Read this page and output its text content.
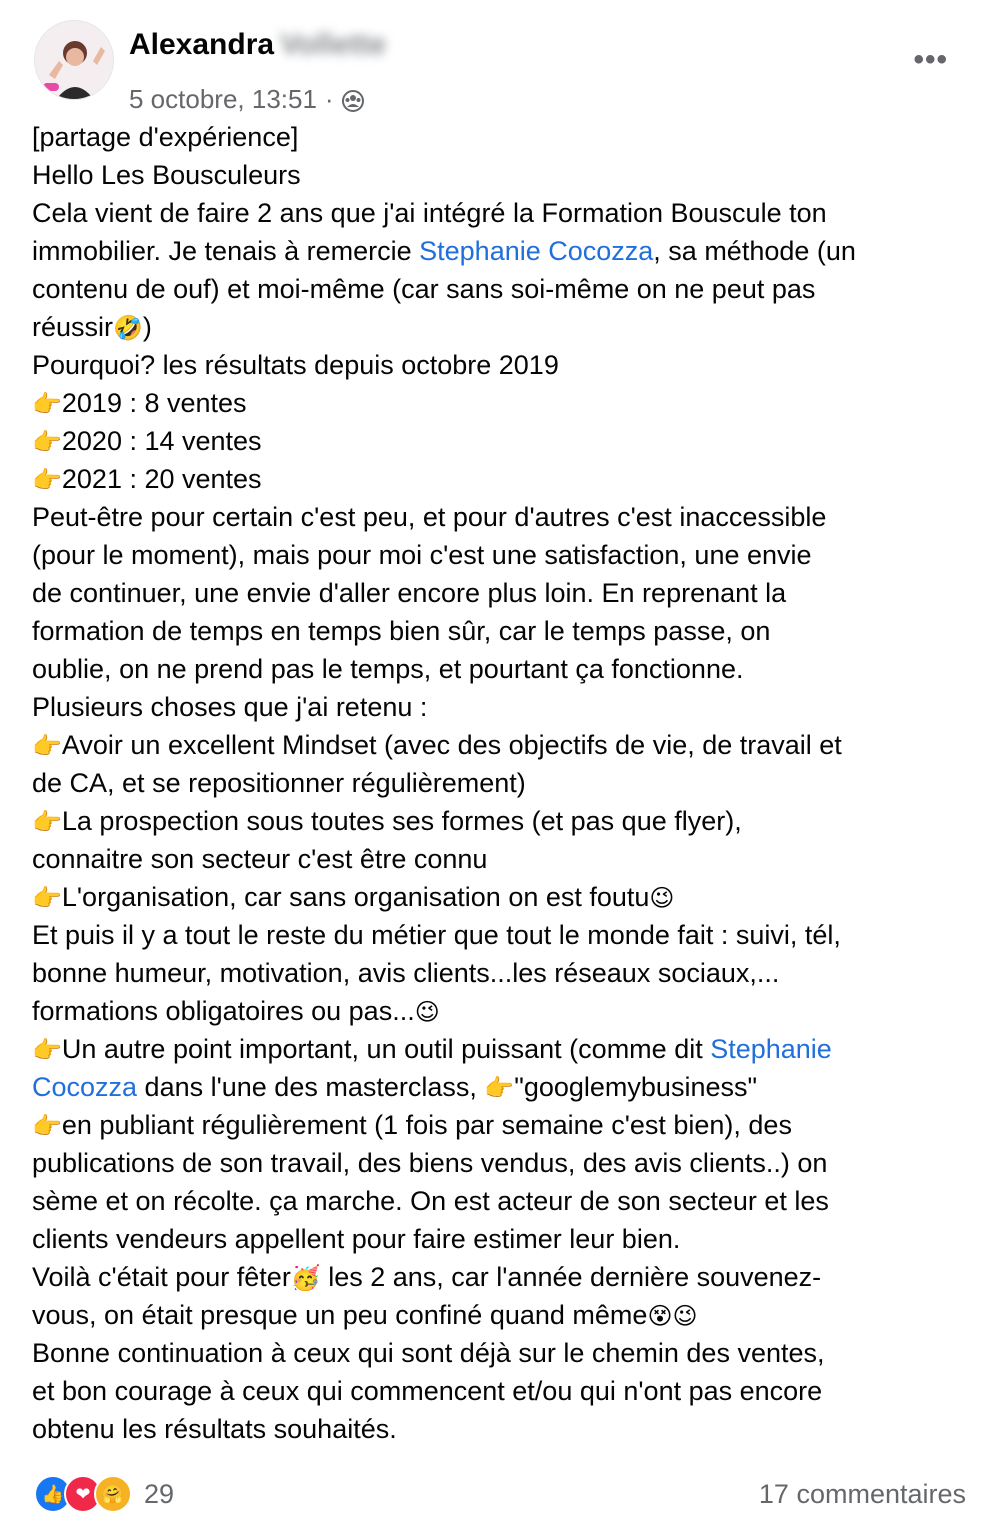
Alexandra Vollette
5 octobre, 13:51 ·
•••
[partage d'expérience]
Hello Les Bousculeurs
Cela vient de faire 2 ans que j'ai intégré la Formation Bouscule ton
immobilier. Je tenais à remercie Stephanie Cocozza, sa méthode (un
contenu de ouf) et moi-même (car sans soi-même on ne peut pas
réussir🤣)
Pourquoi? les résultats depuis octobre 2019
👉2019 : 8 ventes
👉2020 : 14 ventes
👉2021 : 20 ventes
Peut-être pour certain c'est peu, et pour d'autres c'est inaccessible
(pour le moment), mais pour moi c'est une satisfaction, une envie
de continuer, une envie d'aller encore plus loin. En reprenant la
formation de temps en temps bien sûr, car le temps passe, on
oublie, on ne prend pas le temps, et pourtant ça fonctionne.
Plusieurs choses que j'ai retenu :
👉Avoir un excellent Mindset (avec des objectifs de vie, de travail et
de CA, et se repositionner régulièrement)
👉La prospection sous toutes ses formes (et pas que flyer),
connaitre son secteur c'est être connu
👉L'organisation, car sans organisation on est foutu😉
Et puis il y a tout le reste du métier que tout le monde fait : suivi, tél,
bonne humeur, motivation, avis clients...les réseaux sociaux,...
formations obligatoires ou pas...😉
👉Un autre point important, un outil puissant (comme dit Stephanie
Cocozza dans l'une des masterclass, 👉"googlemybusiness"
👉en publiant régulièrement (1 fois par semaine c'est bien), des
publications de son travail, des biens vendus, des avis clients..) on
sème et on récolte. ça marche. On est acteur de son secteur et les
clients vendeurs appellent pour faire estimer leur bien.
Voilà c'était pour fêter🥳 les 2 ans, car l'année dernière souvenez-
vous, on était presque un peu confiné quand même😵😉
Bonne continuation à ceux qui sont déjà sur le chemin des ventes,
et bon courage à ceux qui commencent et/ou qui n'ont pas encore
obtenu les résultats souhaités.
👍 ❤ 🤗 29	17 commentaires
